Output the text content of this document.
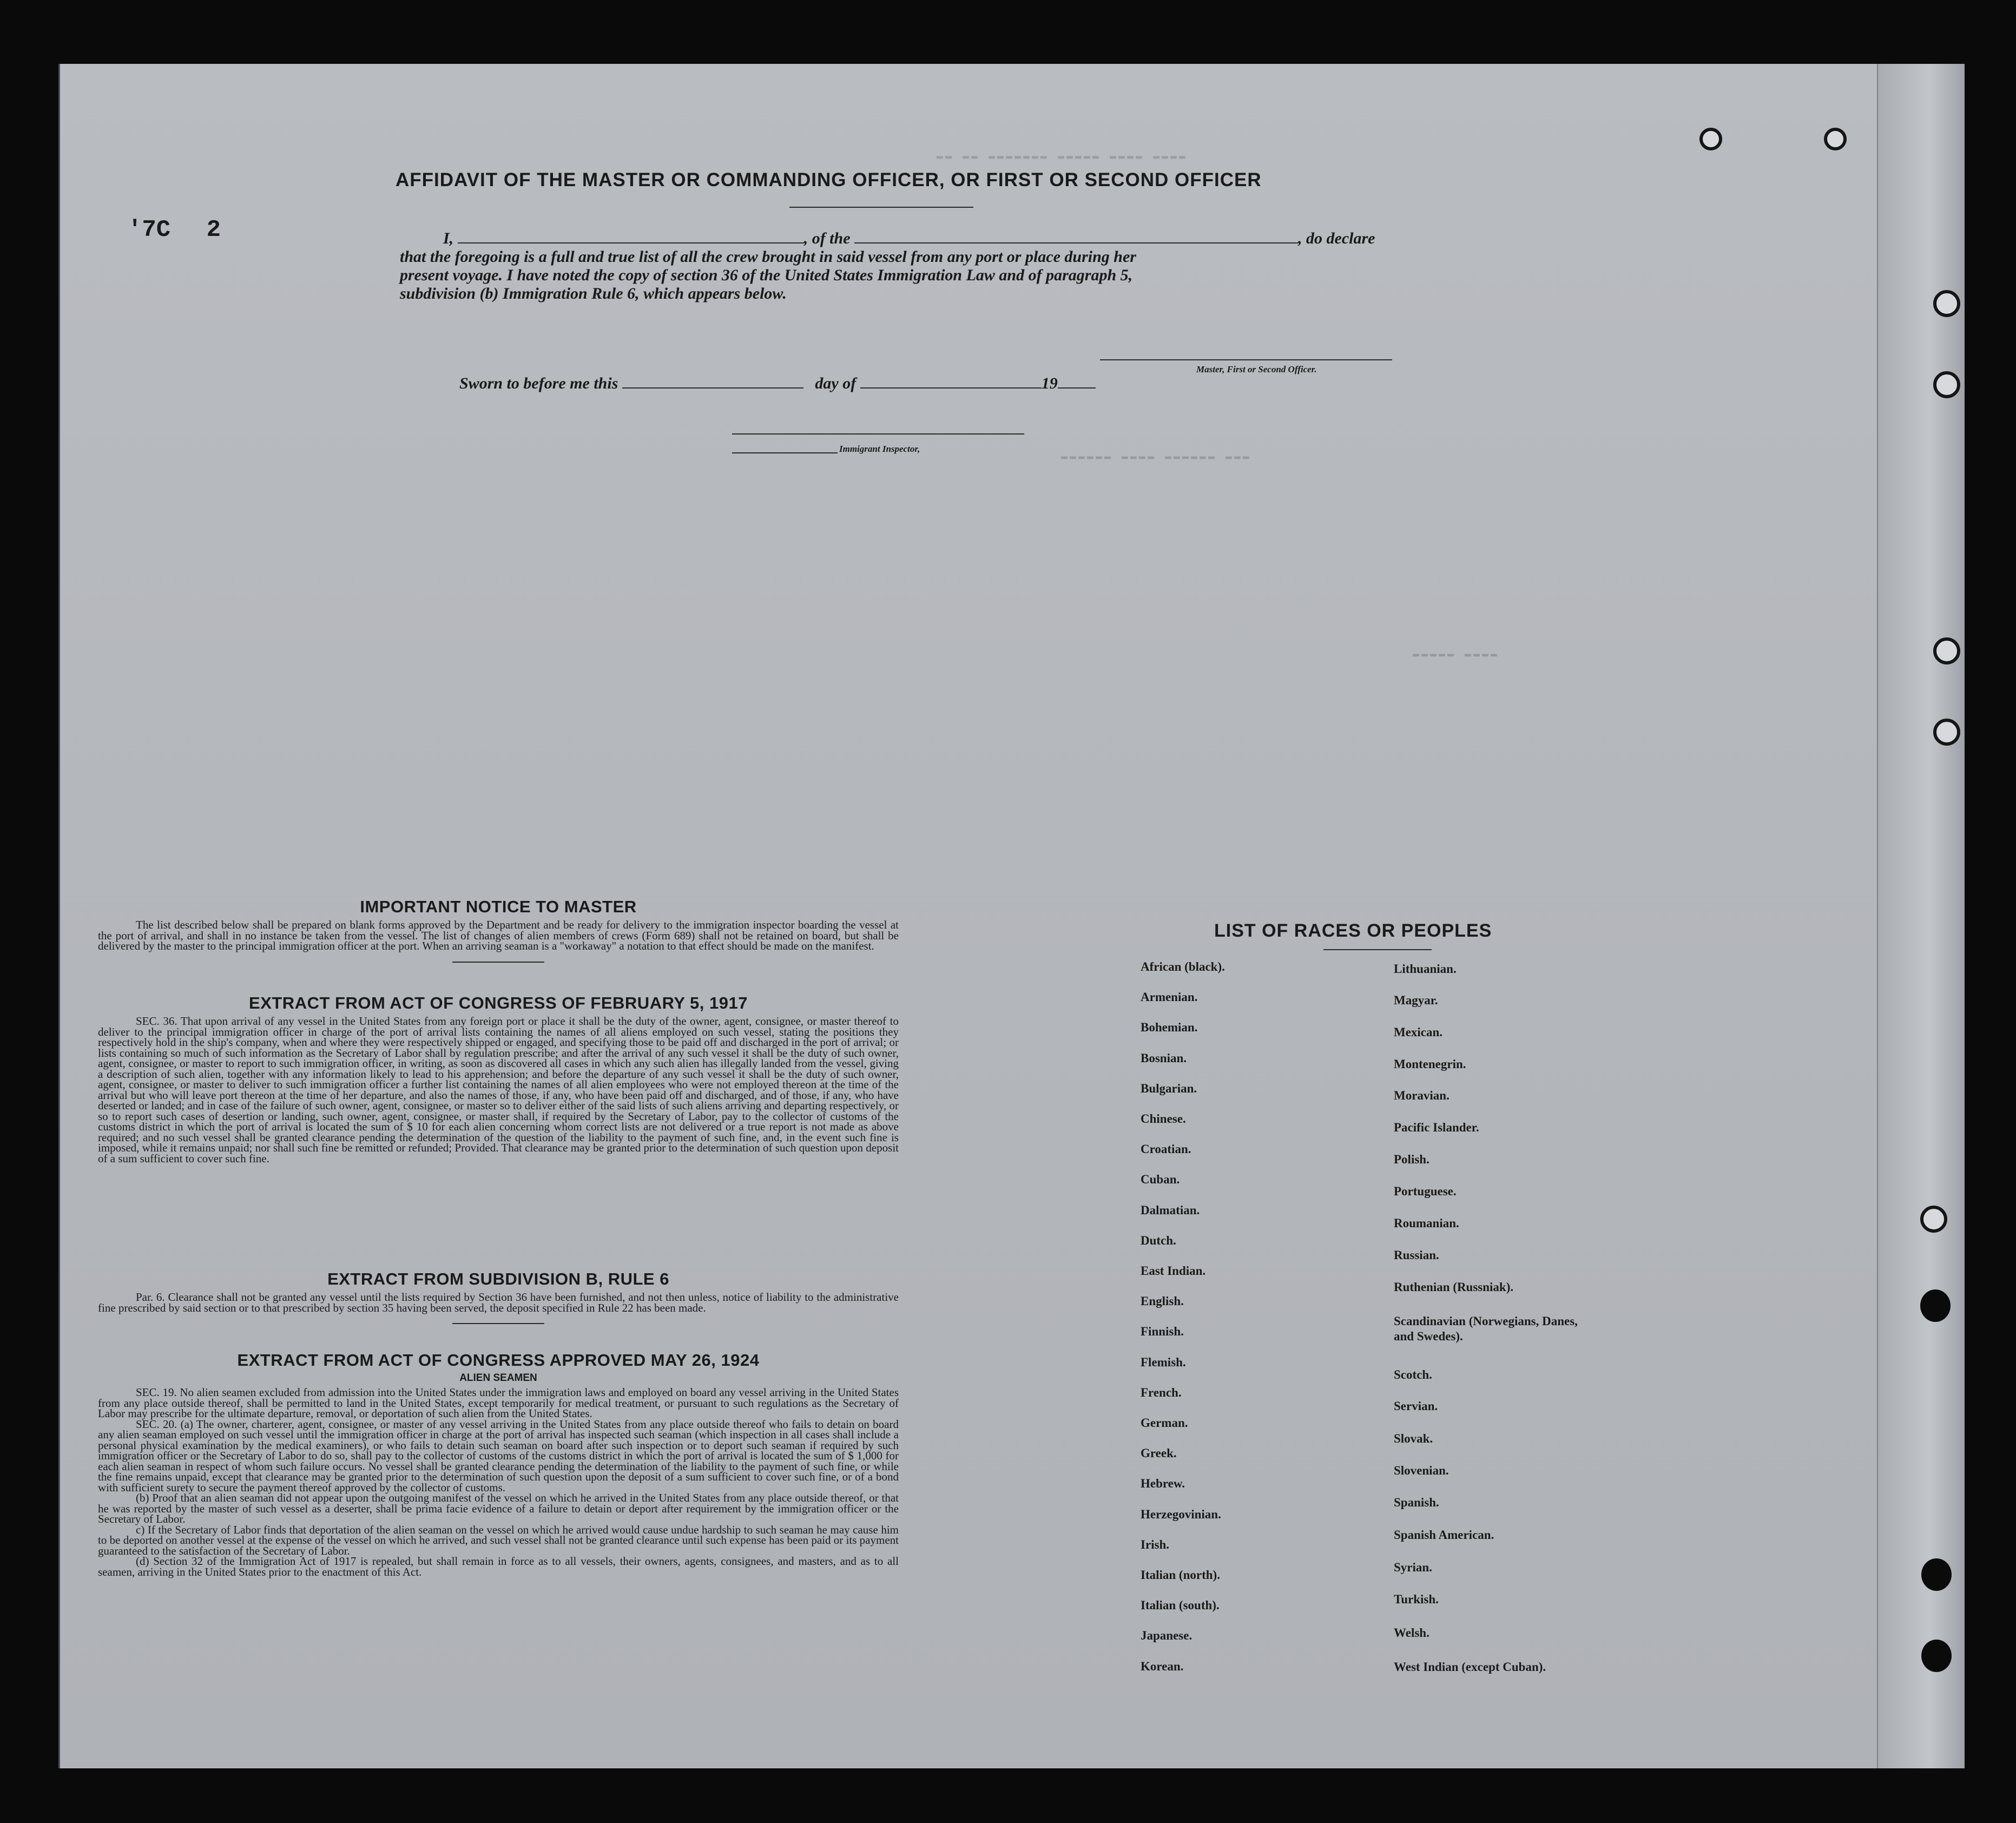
▬▬ ▬▬ ▬▬▬▬▬▬▬ ▬▬▬▬▬ ▬▬▬▬ ▬▬▬▬
▬▬▬▬▬▬ ▬▬▬▬ ▬▬▬▬▬▬ ▬▬▬
▬▬▬▬▬ ▬▬▬▬
AFFIDAVIT OF THE MASTER OR COMMANDING OFFICER, OR FIRST OR SECOND OFFICER
'7C 2	I,	, of the	, do declare
that the foregoing is a full and true list of all the crew brought in said vessel from any port or place during her
present voyage. I have noted the copy of section 36 of the United States Immigration Law and of paragraph 5,
subdivision (b) Immigration Rule 6, which appears below.
Master, First or Second Officer.
Sworn to before me this	day of	19
Immigrant Inspector,
IMPORTANT NOTICE TO MASTER
The list described below shall be prepared on blank forms approved by the Department and be ready for delivery to the immigration inspector boarding the vessel at the port of arrival, and shall in no instance be taken from the vessel. The list of changes of alien members of crews (Form 689) shall not be retained on board, but shall be delivered by the master to the principal immigration officer at the port. When an arriving seaman is a "workaway" a notation to that effect should be made on the manifest.
EXTRACT FROM ACT OF CONGRESS OF FEBRUARY 5, 1917
SEC. 36. That upon arrival of any vessel in the United States from any foreign port or place it shall be the duty of the owner, agent, consignee, or master thereof to deliver to the principal immigration officer in charge of the port of arrival lists containing the names of all aliens employed on such vessel, stating the positions they respectively hold in the ship's company, when and where they were respectively shipped or engaged, and specifying those to be paid off and discharged in the port of arrival; or lists containing so much of such information as the Secretary of Labor shall by regulation prescribe; and after the arrival of any such vessel it shall be the duty of such owner, agent, consignee, or master to report to such immigration officer, in writing, as soon as discovered all cases in which any such alien has illegally landed from the vessel, giving a description of such alien, together with any information likely to lead to his apprehension; and before the departure of any such vessel it shall be the duty of such owner, agent, consignee, or master to deliver to such immigration officer a further list containing the names of all alien employees who were not employed thereon at the time of the arrival but who will leave port thereon at the time of her departure, and also the names of those, if any, who have been paid off and discharged, and of those, if any, who have deserted or landed; and in case of the failure of such owner, agent, consignee, or master so to deliver either of the said lists of such aliens arriving and departing respectively, or so to report such cases of desertion or landing, such owner, agent, consignee, or master shall, if required by the Secretary of Labor, pay to the collector of customs of the customs district in which the port of arrival is located the sum of $ 10 for each alien concerning whom correct lists are not delivered or a true report is not made as above required; and no such vessel shall be granted clearance pending the determination of the question of the liability to the payment of such fine, and, in the event such fine is imposed, while it remains unpaid; nor shall such fine be remitted or refunded; Provided. That clearance may be granted prior to the determination of such question upon deposit of a sum sufficient to cover such fine.
EXTRACT FROM SUBDIVISION B, RULE 6
Par. 6. Clearance shall not be granted any vessel until the lists required by Section 36 have been furnished, and not then unless, notice of liability to the administrative fine prescribed by said section or to that prescribed by section 35 having been served, the deposit specified in Rule 22 has been made.
EXTRACT FROM ACT OF CONGRESS APPROVED MAY 26, 1924
ALIEN SEAMEN
SEC. 19. No alien seamen excluded from admission into the United States under the immigration laws and employed on board any vessel arriving in the United States from any place outside thereof, shall be permitted to land in the United States, except temporarily for medical treatment, or pursuant to such regulations as the Secretary of Labor may prescribe for the ultimate departure, removal, or deportation of such alien from the United States.
SEC. 20. (a) The owner, charterer, agent, consignee, or master of any vessel arriving in the United States from any place outside thereof who fails to detain on board any alien seaman employed on such vessel until the immigration officer in charge at the port of arrival has inspected such seaman (which inspection in all cases shall include a personal physical examination by the medical examiners), or who fails to detain such seaman on board after such inspection or to deport such seaman if required by such immigration officer or the Secretary of Labor to do so, shall pay to the collector of customs of the customs district in which the port of arrival is located the sum of $ 1,000 for each alien seaman in respect of whom such failure occurs. No vessel shall be granted clearance pending the determination of the liability to the payment of such fine, or while the fine remains unpaid, except that clearance may be granted prior to the determination of such question upon the deposit of a sum sufficient to cover such fine, or of a bond with sufficient surety to secure the payment thereof approved by the collector of customs.
(b) Proof that an alien seaman did not appear upon the outgoing manifest of the vessel on which he arrived in the United States from any place outside thereof, or that he was reported by the master of such vessel as a deserter, shall be prima facie evidence of a failure to detain or deport after requirement by the immigration officer or the Secretary of Labor.
c) If the Secretary of Labor finds that deportation of the alien seaman on the vessel on which he arrived would cause undue hardship to such seaman he may cause him to be deported on another vessel at the expense of the vessel on which he arrived, and such vessel shall not be granted clearance until such expense has been paid or its payment guaranteed to the satisfaction of the Secretary of Labor.
(d) Section 32 of the Immigration Act of 1917 is repealed, but shall remain in force as to all vessels, their owners, agents, consignees, and masters, and as to all seamen, arriving in the United States prior to the enactment of this Act.
LIST OF RACES OR PEOPLES
African (black).
Armenian.
Bohemian.
Bosnian.
Bulgarian.
Chinese.
Croatian.
Cuban.
Dalmatian.
Dutch.
East Indian.
English.
Finnish.
Flemish.
French.
German.
Greek.
Hebrew.
Herzegovinian.
Irish.
Italian (north).
Italian (south).
Japanese.
Korean.
Lithuanian.
Magyar.
Mexican.
Montenegrin.
Moravian.
Pacific Islander.
Polish.
Portuguese.
Roumanian.
Russian.
Ruthenian (Russniak).
Scandinavian (Norwegians, Danes, and Swedes).
Scotch.
Servian.
Slovak.
Slovenian.
Spanish.
Spanish American.
Syrian.
Turkish.
Welsh.
West Indian (except Cuban).
